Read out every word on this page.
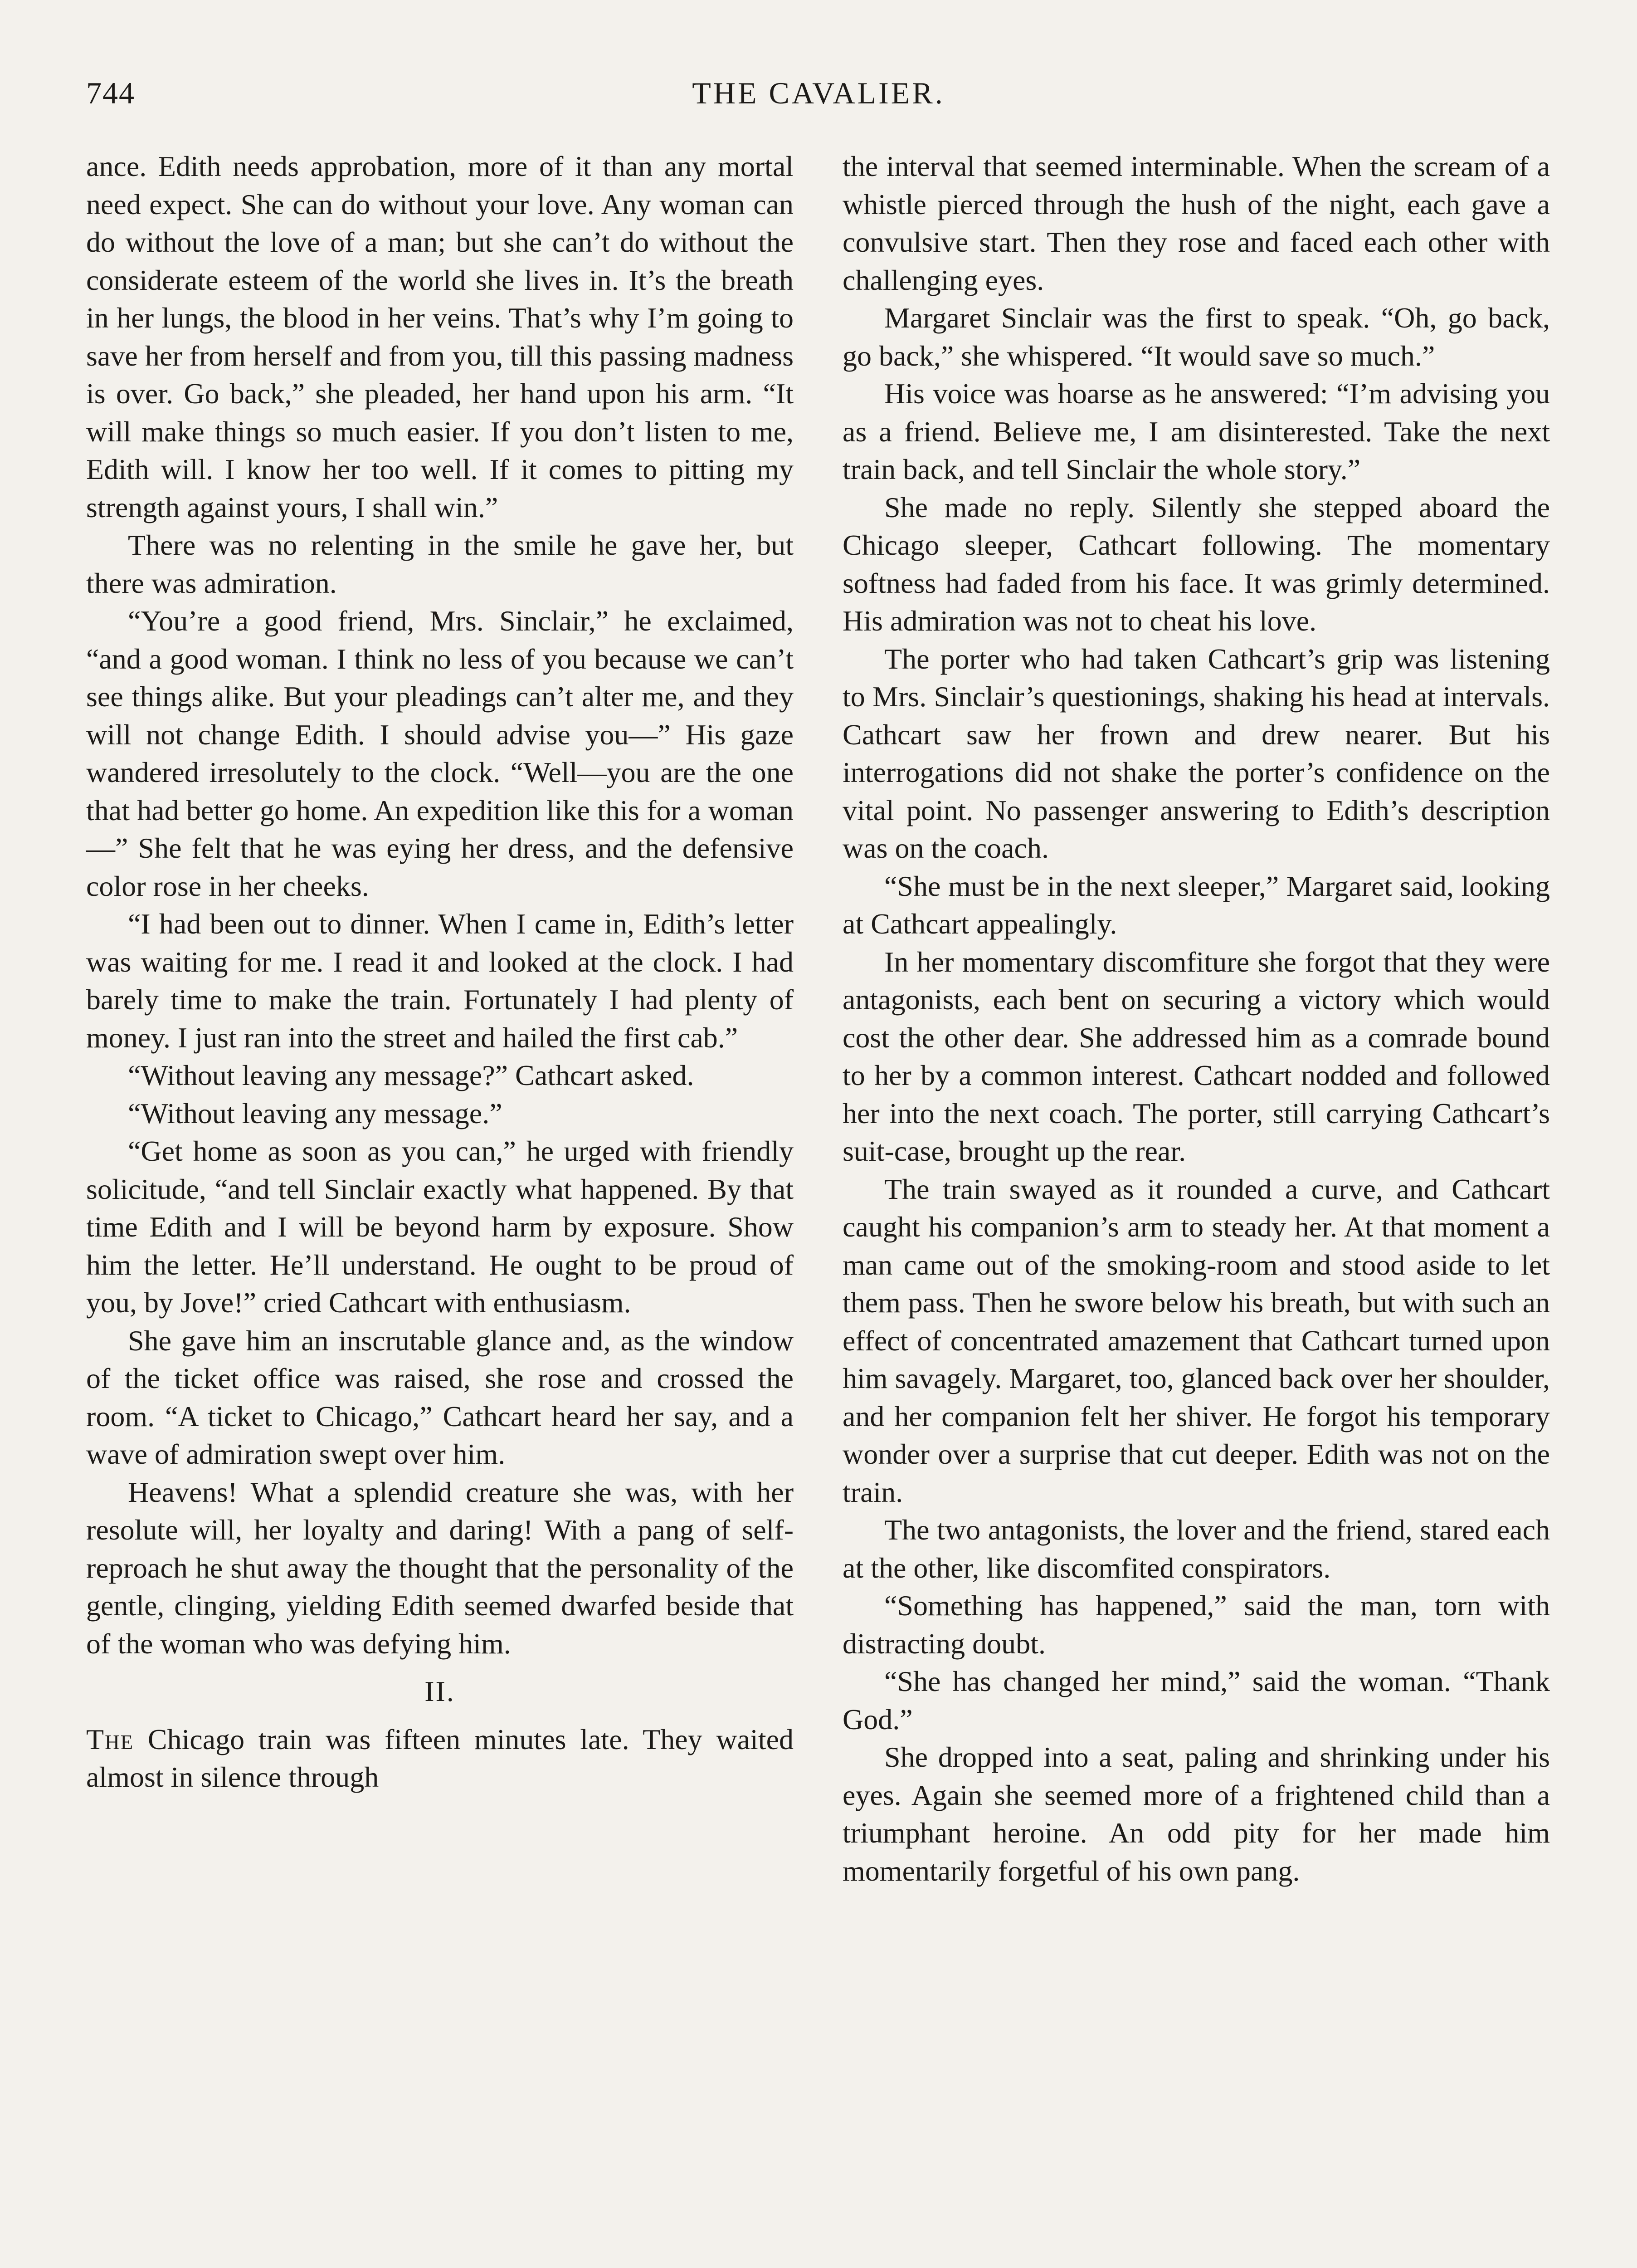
744	THE CAVALIER.

ance. Edith needs approbation, more of it than any mortal need expect. She can do without your love. Any woman can do without the love of a man; but she can’t do without the considerate esteem of the world she lives in. It’s the breath in her lungs, the blood in her veins. That’s why I’m going to save her from herself and from you, till this passing madness is over. Go back,” she pleaded, her hand upon his arm. “It will make things so much easier. If you don’t listen to me, Edith will. I know her too well. If it comes to pitting my strength against yours, I shall win.”

There was no relenting in the smile he gave her, but there was admiration.

“You’re a good friend, Mrs. Sinclair,” he exclaimed, “and a good woman. I think no less of you because we can’t see things alike. But your pleadings can’t alter me, and they will not change Edith. I should advise you—” His gaze wandered irresolutely to the clock. “Well—you are the one that had better go home. An expedition like this for a woman—” She felt that he was eying her dress, and the defensive color rose in her cheeks.

“I had been out to dinner. When I came in, Edith’s letter was waiting for me. I read it and looked at the clock. I had barely time to make the train. Fortunately I had plenty of money. I just ran into the street and hailed the first cab.”

“Without leaving any message?” Cathcart asked.

“Without leaving any message.”

“Get home as soon as you can,” he urged with friendly solicitude, “and tell Sinclair exactly what happened. By that time Edith and I will be beyond harm by exposure. Show him the letter. He’ll understand. He ought to be proud of you, by Jove!” cried Cathcart with enthusiasm.

She gave him an inscrutable glance and, as the window of the ticket office was raised, she rose and crossed the room. “A ticket to Chicago,” Cathcart heard her say, and a wave of admiration swept over him.

Heavens! What a splendid creature she was, with her resolute will, her loyalty and daring! With a pang of self-reproach he shut away the thought that the personality of the gentle, clinging, yielding Edith seemed dwarfed beside that of the woman who was defying him.

II.

The Chicago train was fifteen minutes late. They waited almost in silence through

the interval that seemed interminable. When the scream of a whistle pierced through the hush of the night, each gave a convulsive start. Then they rose and faced each other with challenging eyes.

Margaret Sinclair was the first to speak. “Oh, go back, go back,” she whispered. “It would save so much.”

His voice was hoarse as he answered: “I’m advising you as a friend. Believe me, I am disinterested. Take the next train back, and tell Sinclair the whole story.”

She made no reply. Silently she stepped aboard the Chicago sleeper, Cathcart following. The momentary softness had faded from his face. It was grimly determined. His admiration was not to cheat his love.

The porter who had taken Cathcart’s grip was listening to Mrs. Sinclair’s questionings, shaking his head at intervals. Cathcart saw her frown and drew nearer. But his interrogations did not shake the porter’s confidence on the vital point. No passenger answering to Edith’s description was on the coach.

“She must be in the next sleeper,” Margaret said, looking at Cathcart appealingly.

In her momentary discomfiture she forgot that they were antagonists, each bent on securing a victory which would cost the other dear. She addressed him as a comrade bound to her by a common interest. Cathcart nodded and followed her into the next coach. The porter, still carrying Cathcart’s suit-case, brought up the rear.

The train swayed as it rounded a curve, and Cathcart caught his companion’s arm to steady her. At that moment a man came out of the smoking-room and stood aside to let them pass. Then he swore below his breath, but with such an effect of concentrated amazement that Cathcart turned upon him savagely. Margaret, too, glanced back over her shoulder, and her companion felt her shiver. He forgot his temporary wonder over a surprise that cut deeper. Edith was not on the train.

The two antagonists, the lover and the friend, stared each at the other, like discomfited conspirators.

“Something has happened,” said the man, torn with distracting doubt.

“She has changed her mind,” said the woman. “Thank God.”

She dropped into a seat, paling and shrinking under his eyes. Again she seemed more of a frightened child than a triumphant heroine. An odd pity for her made him momentarily forgetful of his own pang.
